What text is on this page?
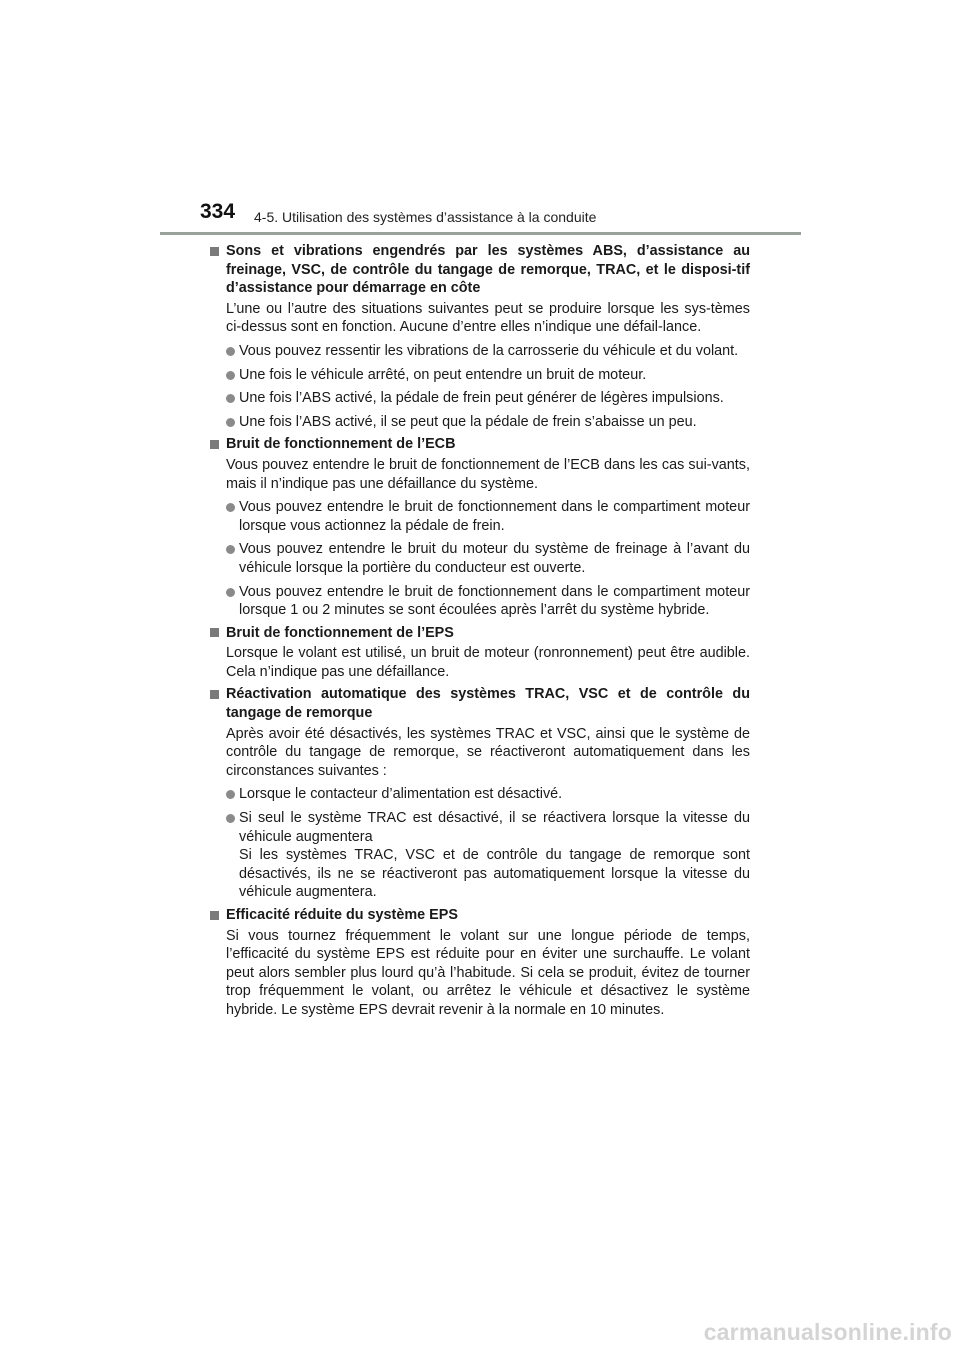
334 4-5. Utilisation des systèmes d’assistance à la conduite
Sons et vibrations engendrés par les systèmes ABS, d’assistance au freinage, VSC, de contrôle du tangage de remorque, TRAC, et le disposi-tif d’assistance pour démarrage en côte
L’une ou l’autre des situations suivantes peut se produire lorsque les sys-tèmes ci-dessus sont en fonction. Aucune d’entre elles n’indique une défail-lance.
Vous pouvez ressentir les vibrations de la carrosserie du véhicule et du volant.
Une fois le véhicule arrêté, on peut entendre un bruit de moteur.
Une fois l’ABS activé, la pédale de frein peut générer de légères impulsions.
Une fois l’ABS activé, il se peut que la pédale de frein s’abaisse un peu.
Bruit de fonctionnement de l’ECB
Vous pouvez entendre le bruit de fonctionnement de l’ECB dans les cas sui-vants, mais il n’indique pas une défaillance du système.
Vous pouvez entendre le bruit de fonctionnement dans le compartiment moteur lorsque vous actionnez la pédale de frein.
Vous pouvez entendre le bruit du moteur du système de freinage à l’avant du véhicule lorsque la portière du conducteur est ouverte.
Vous pouvez entendre le bruit de fonctionnement dans le compartiment moteur lorsque 1 ou 2 minutes se sont écoulées après l’arrêt du système hybride.
Bruit de fonctionnement de l’EPS
Lorsque le volant est utilisé, un bruit de moteur (ronronnement) peut être audible. Cela n’indique pas une défaillance.
Réactivation automatique des systèmes TRAC, VSC et de contrôle du tangage de remorque
Après avoir été désactivés, les systèmes TRAC et VSC, ainsi que le système de contrôle du tangage de remorque, se réactiveront automatiquement dans les circonstances suivantes :
Lorsque le contacteur d’alimentation est désactivé.
Si seul le système TRAC est désactivé, il se réactivera lorsque la vitesse du véhicule augmentera
Si les systèmes TRAC, VSC et de contrôle du tangage de remorque sont désactivés, ils ne se réactiveront pas automatiquement lorsque la vitesse du véhicule augmentera.
Efficacité réduite du système EPS
Si vous tournez fréquemment le volant sur une longue période de temps, l’efficacité du système EPS est réduite pour en éviter une surchauffe. Le volant peut alors sembler plus lourd qu’à l’habitude. Si cela se produit, évitez de tourner trop fréquemment le volant, ou arrêtez le véhicule et désactivez le système hybride. Le système EPS devrait revenir à la normale en 10 minutes.
carmanualsonline.info
